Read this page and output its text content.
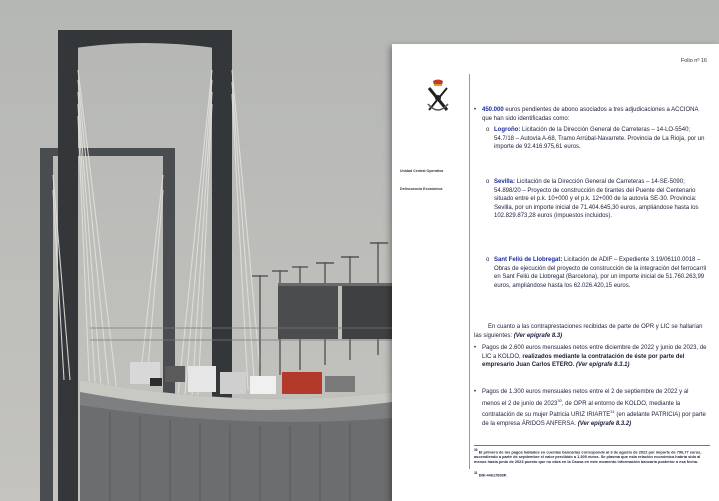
Folio nº 16
Unidad Central Operativa
Delincuencia Económica
• 450.000 euros pendientes de abono asociados a tres adjudicaciones a ACCIONA que han sido identificadas como:
o Logroño: Licitación de la Dirección General de Carreteras – 14-LO-5540; 54.7/18 – Autovía A-68, Tramo Arrúbal-Navarrete. Provincia de La Rioja, por un importe de 92.416.975,61 euros.
o Sevilla: Licitación de la Dirección General de Carreteras – 14-SE-5090; 54.898/20 – Proyecto de construcción de tirantes del Puente del Centenario situado entre el p.k. 10+000 y el p.k. 12+000 de la autovía SE-30. Provincia: Sevilla, por un importe inicial de 71.404.645,30 euros, ampliándose hasta los 102.829.873,28 euros (impuestos incluidos).
o Sant Feliú de Llobregat: Licitación de ADIF – Expediente 3.19/06110.0018 – Obras de ejecución del proyecto de construcción de la integración del ferrocarril en Sant Feliú de Llobregat (Barcelona), por un importe inicial de 51.760.263,99 euros, ampliándose hasta los 62.026.420,15 euros.
En cuanto a las contraprestaciones recibidas de parte de OPR y LIC se hallarían las siguientes: (Ver epígrafe 8.3)
• Pagos de 2.600 euros mensuales netos entre diciembre de 2022 y junio de 2023, de LIC a KOLDO, realizados mediante la contratación de éste por parte del empresario Juan Carlos ETERO. (Ver epígrafe 8.3.1)
• Pagos de 1.300 euros mensuales netos entre el 2 de septiembre de 2022 y al menos el 2 de junio de 2023$^{30}$, de OPR al entorno de KOLDO, mediante la contratación de su mujer Patricia URIZ IRIARTE$^{31}$ (en adelante PATRICIA) por parte de la empresa ÁRIDOS ANFERSA. (Ver epígrafe 8.3.2)
$^{30}$ El primero de los pagos hallados en cuentas bancarias corresponde al 3 de agosto de 2022 por importe de 796,77 euros, ascendiendo a partir de septiembre el valor percibido a 1.300 euros. Se plasma que esta relación económica habría sido al menos hasta junio de 2023 puesto que no obra en la Causa en este momento información bancaria posterior a esa fecha.
$^{31}$ DNI 44617893P.
